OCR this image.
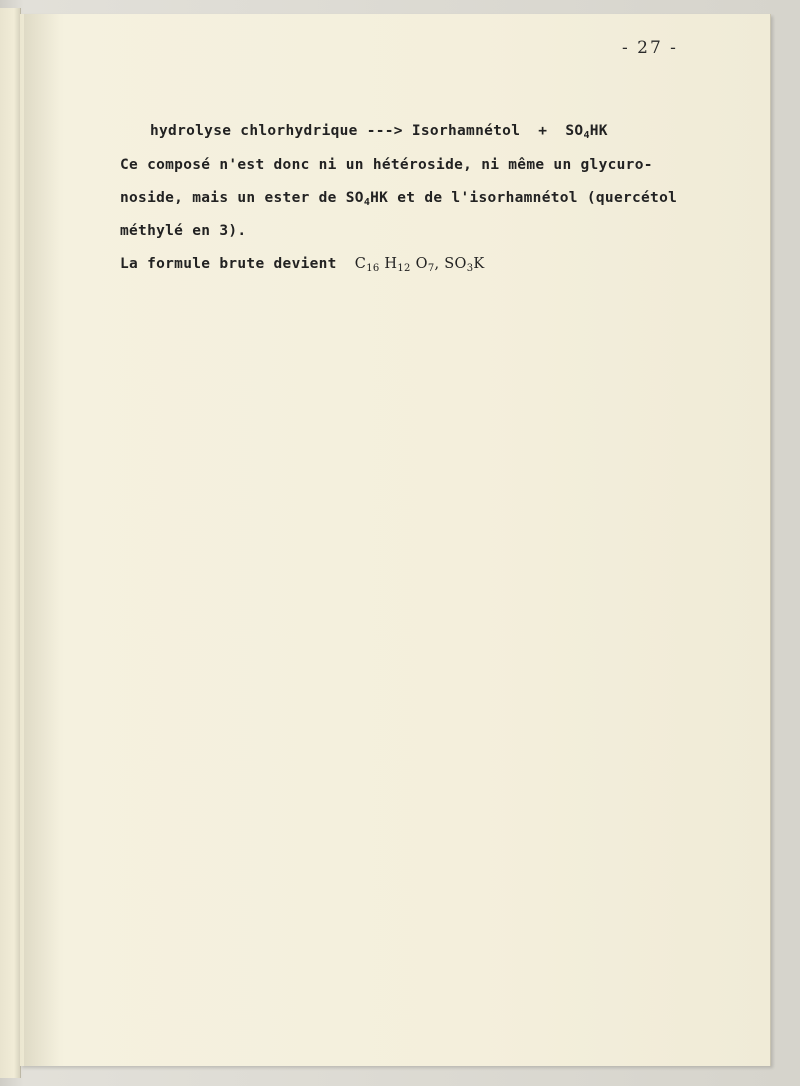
- 27 -
hydrolyse chlorhydrique ---> Isorhamnétol  +  $SO_4HK$
Ce composé n'est donc ni un hétéroside, ni même un glycuro-
noside, mais un ester de $SO_4HK$ et de l'isorhamnétol (quercétol
méthylé en 3).
La formule brute devient  $C_{16}$ $H_{12}$ $O_7$, $SO_3K$
